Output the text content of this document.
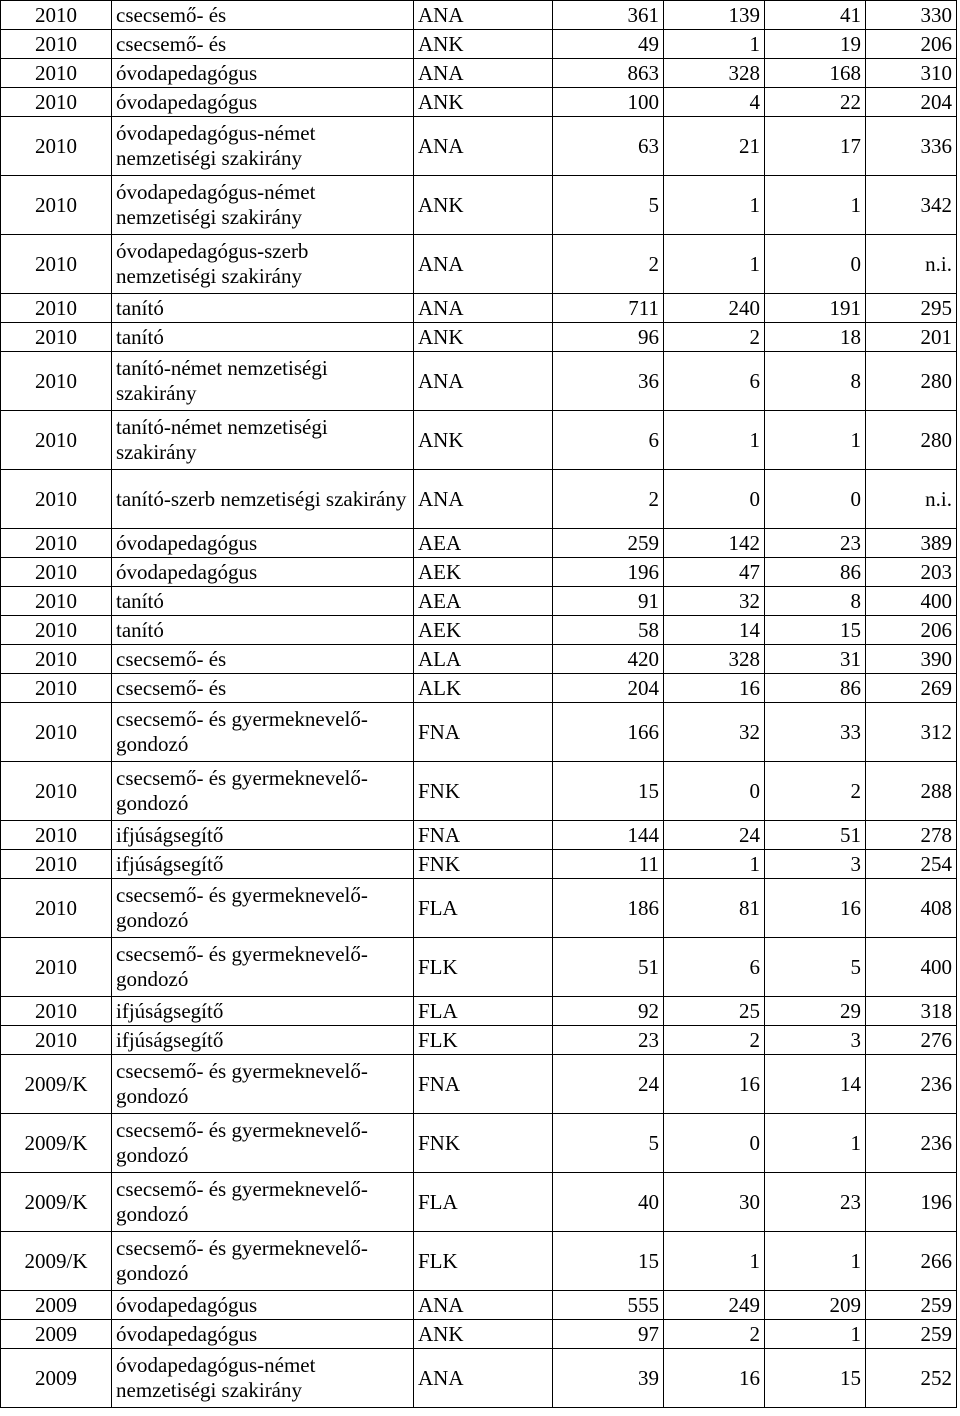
2010	csecsemő- és	ANA	361	139	41	330
2010	csecsemő- és	ANK	49	1	19	206
2010	óvodapedagógus	ANA	863	328	168	310
2010	óvodapedagógus	ANK	100	4	22	204
2010	óvodapedagógus-német nemzetiségi szakirány	ANA	63	21	17	336
2010	óvodapedagógus-német nemzetiségi szakirány	ANK	5	1	1	342
2010	óvodapedagógus-szerb nemzetiségi szakirány	ANA	2	1	0	n.i.
2010	tanító	ANA	711	240	191	295
2010	tanító	ANK	96	2	18	201
2010	tanító-német nemzetiségi szakirány	ANA	36	6	8	280
2010	tanító-német nemzetiségi szakirány	ANK	6	1	1	280
2010	tanító-szerb nemzetiségi szakirány	ANA	2	0	0	n.i.
2010	óvodapedagógus	AEA	259	142	23	389
2010	óvodapedagógus	AEK	196	47	86	203
2010	tanító	AEA	91	32	8	400
2010	tanító	AEK	58	14	15	206
2010	csecsemő- és	ALA	420	328	31	390
2010	csecsemő- és	ALK	204	16	86	269
2010	csecsemő- és gyermeknevelő-gondozó	FNA	166	32	33	312
2010	csecsemő- és gyermeknevelő-gondozó	FNK	15	0	2	288
2010	ifjúságsegítő	FNA	144	24	51	278
2010	ifjúságsegítő	FNK	11	1	3	254
2010	csecsemő- és gyermeknevelő-gondozó	FLA	186	81	16	408
2010	csecsemő- és gyermeknevelő-gondozó	FLK	51	6	5	400
2010	ifjúságsegítő	FLA	92	25	29	318
2010	ifjúságsegítő	FLK	23	2	3	276
2009/K	csecsemő- és gyermeknevelő-gondozó	FNA	24	16	14	236
2009/K	csecsemő- és gyermeknevelő-gondozó	FNK	5	0	1	236
2009/K	csecsemő- és gyermeknevelő-gondozó	FLA	40	30	23	196
2009/K	csecsemő- és gyermeknevelő-gondozó	FLK	15	1	1	266
2009	óvodapedagógus	ANA	555	249	209	259
2009	óvodapedagógus	ANK	97	2	1	259
2009	óvodapedagógus-német nemzetiségi szakirány	ANA	39	16	15	252
